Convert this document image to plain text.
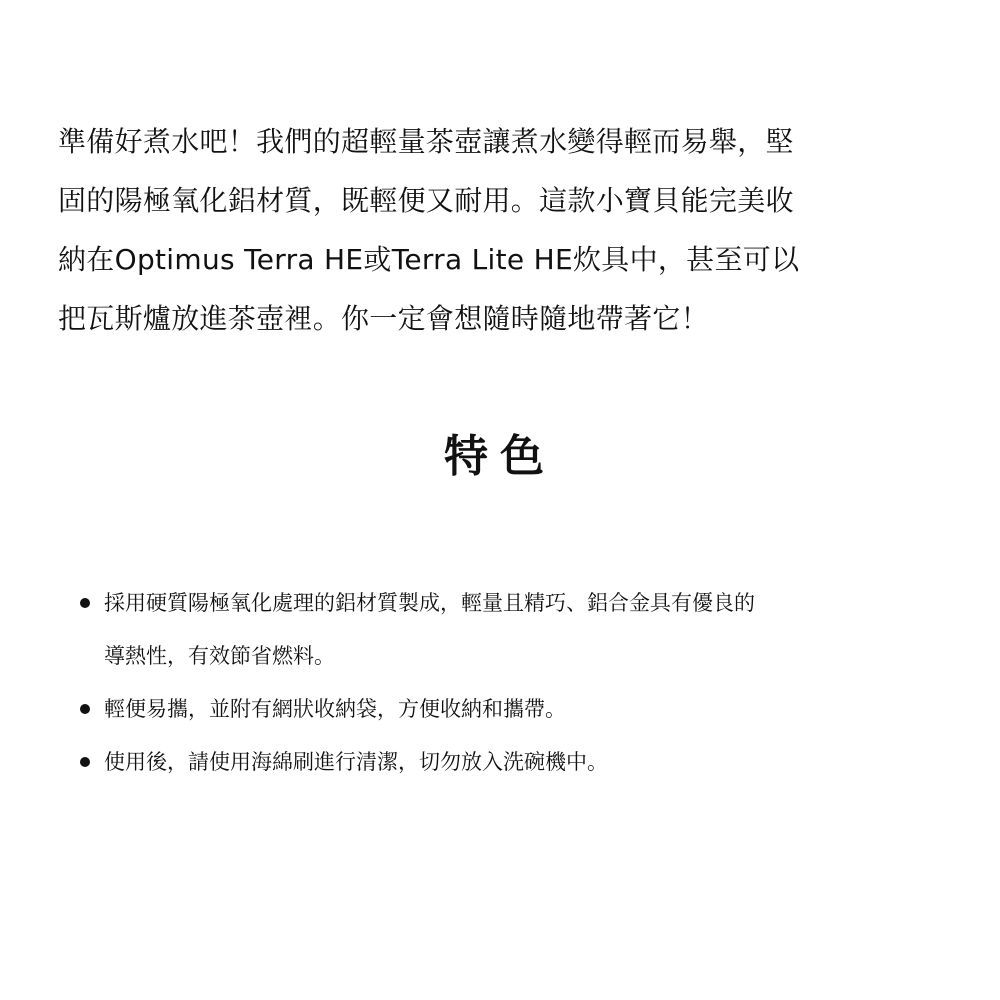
準備好煮水吧！我們的超輕量茶壺讓煮水變得輕而易舉，堅
固的陽極氧化鋁材質，既輕便又耐用。這款小寶貝能完美收
納在Optimus Terra HE或Terra Lite HE炊具中，甚至可以
把瓦斯爐放進茶壺裡。你一定會想隨時隨地帶著它！
特色
採用硬質陽極氧化處理的鋁材質製成，輕量且精巧、鋁合金具有優良的
導熱性，有效節省燃料。
輕便易攜，並附有網狀收納袋，方便收納和攜帶。
使用後，請使用海綿刷進行清潔，切勿放入洗碗機中。
